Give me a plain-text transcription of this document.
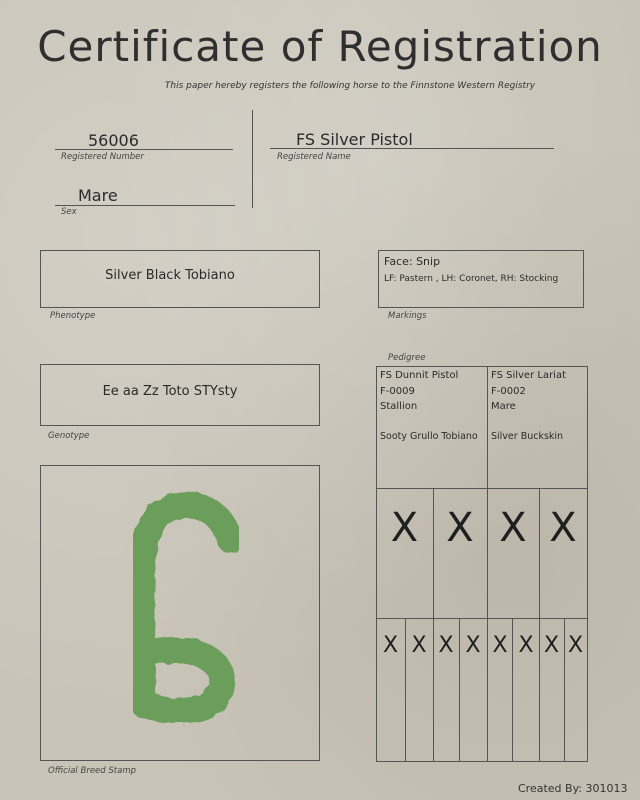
Certificate of Registration
This paper hereby registers the following horse to the Finnstone Western Registry
56006
Registered Number
Mare
Sex
FS Silver Pistol
Registered Name
Silver Black Tobiano
Phenotype
Face: Snip
LF: Pastern , LH: Coronet, RH: Stocking
Markings
Ee aa Zz Toto STYsty
Genotype
Official Breed Stamp
Pedigree
FS Dunnit Pistol
F-0009
Stallion
Sooty Grullo Tobiano
FS Silver Lariat
F-0002
Mare
Silver Buckskin
X X X X
X X X X X X X X
Created By: 301013
